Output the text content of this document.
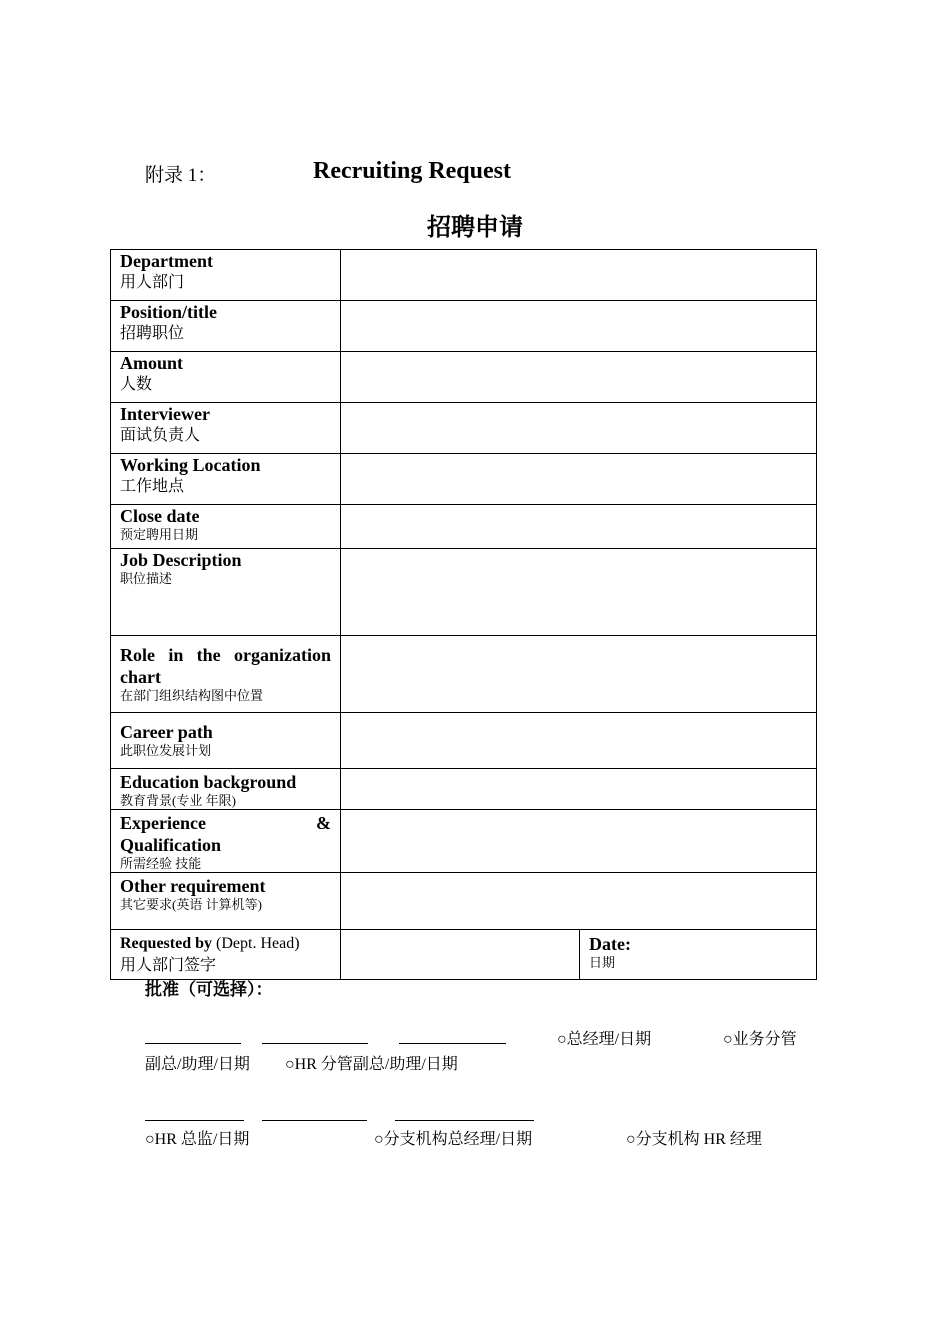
附录 1：	Recruiting Request
招聘申请
Department
用人部门		

Position/title
招聘职位		

Amount
人数		

Interviewer
面试负责人		

Working Location
工作地点		

Close date
预定聘用日期		

Job Description
职位描述		

Role in the organization chart
在部门组织结构图中位置		

Career path
此职位发展计划		

Education background
教育背景(专业 年限)		

Experience &
Qualification
所需经验 技能		

Other requirement
其它要求(英语 计算机等)		

Requested by (Dept. Head)
用人部门签字		Date:
日期
批准（可选择）：
○总经理/日期	○业务分管
副总/助理/日期 ○HR 分管副总/助理/日期
○HR 总监/日期	○分支机构总经理/日期	○分支机构 HR 经理
